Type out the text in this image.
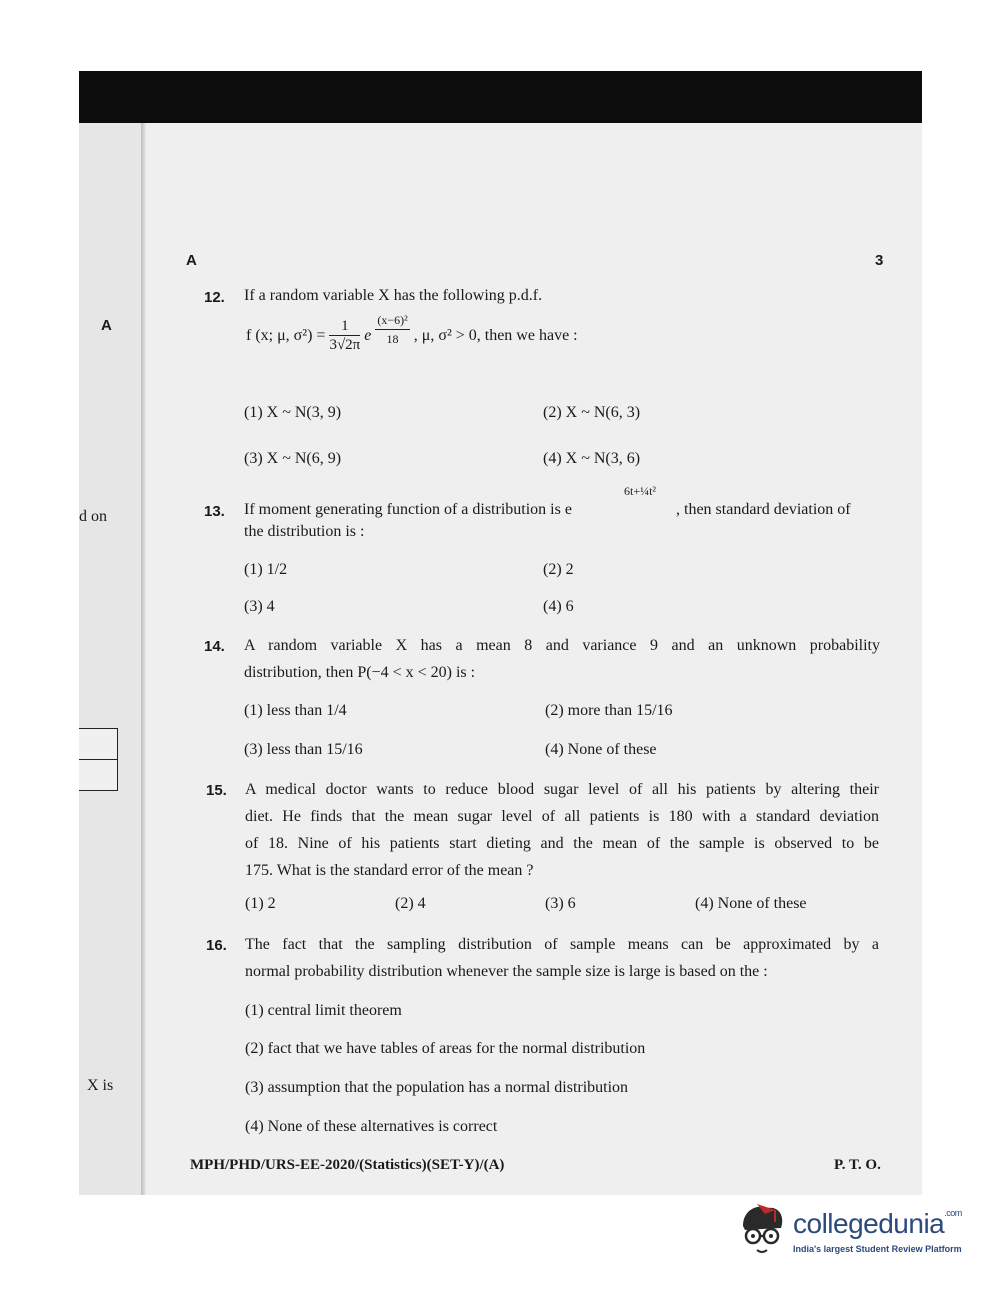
A
d on
X is
A	3
12. If a random variable X has the following p.d.f.
f (x; μ, $\sigma^2) = \frac{1}{3√2\pi}$ e $\frac{\text{(x−6)²}}{18}$ , μ, σ² > 0, then we have :
(1) X ~ N(3, 9)	(2) X ~ N(6, 3)
(3) X ~ N(6, 9)	(4) X ~ N(3, 6)
13. If moment generating function of a distribution is e
6t+¼t²
, then standard deviation of
the distribution is :
(1) 1/2	(2) 2
(3) 4	(4) 6
14. A random variable X has a mean 8 and variance 9 and an unknown probability
distribution, then P(−4 < x < 20) is :
(1) less than 1/4	(2) more than 15/16
(3) less than 15/16	(4) None of these
15. A medical doctor wants to reduce blood sugar level of all his patients by altering their
diet. He finds that the mean sugar level of all patients is 180 with a standard deviation
of 18. Nine of his patients start dieting and the mean of the sample is observed to be
175. What is the standard error of the mean ?
(1) 2	(2) 4	(3) 6	(4) None of these
16. The fact that the sampling distribution of sample means can be approximated by a
normal probability distribution whenever the sample size is large is based on the :
(1) central limit theorem
(2) fact that we have tables of areas for the normal distribution
(3) assumption that the population has a normal distribution
(4) None of these alternatives is correct
MPH/PHD/URS-EE-2020/(Statistics)(SET-Y)/(A)	P. T. O.
collegedunia$^{.com}$
India's largest Student Review Platform
